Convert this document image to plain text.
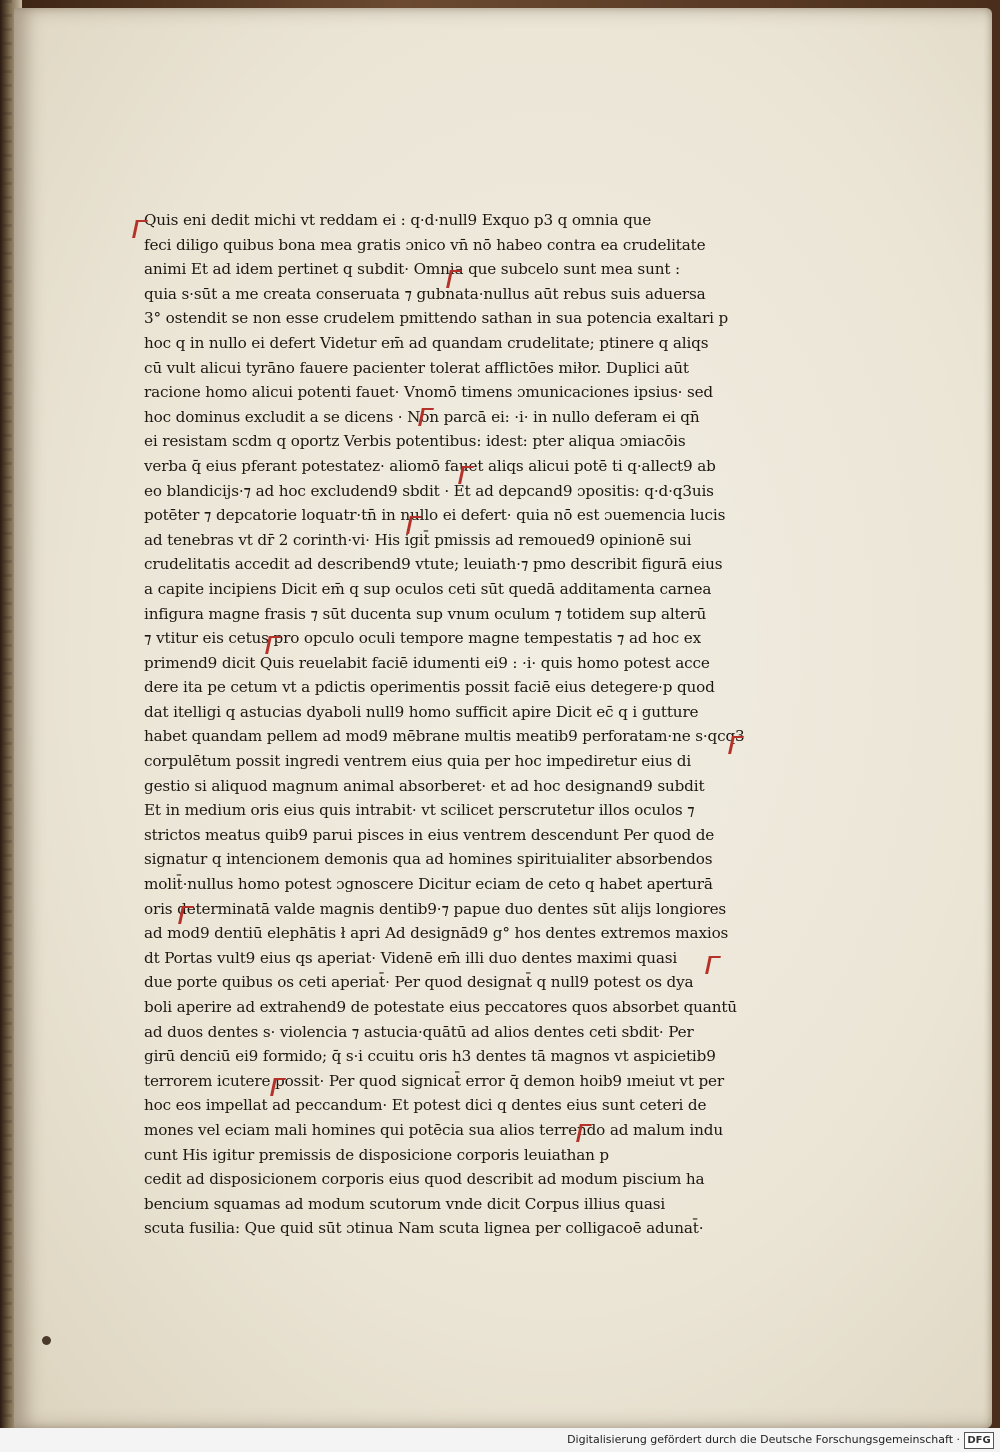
Quis eni dedit michi vt reddam ei : q·d·null9 Exquo p3 q omnia que
feci diligo quibus bona mea gratis ɔnico vn̄ nō habeo contra ea crudelitate
animi Et ad idem pertinet q subdit· Omnia que subcelo sunt mea sunt :
quia s·sūt a me creata conseruata ⁊ gubnata·nullus aūt rebus suis aduersa
3° ostendit se non esse crudelem pmittendo sathan in sua potencia exaltari p
hoc q in nullo ei defert Videtur em̄ ad quandam crudelitate; ptinere q aliqs
cū vult alicui tyrāno fauere pacienter tolerat afflictōes miłor. Duplici aūt
racione homo alicui potenti fauet· Vnomō timens ɔmunicaciones ipsius· sed
hoc dominus excludit a se dicens · Non parcā ei: ·i· in nullo deferam ei qn̄
ei resistam scdm q oportz Verbis potentibus: idest: pter aliqua ɔmiacōis
verba q̄ eius pferant potestatez· aliomō fauet aliqs alicui potē ti q·allect9 ab
eo blandicijs·⁊ ad hoc excludend9 sbdit · Et ad depcand9 ɔpositis: q·d·q3uis
potēter ⁊ depcatorie loquatr·tn̄ in nullo ei defert· quia nō est ɔuemencia lucis
ad tenebras vt dr̄ 2 corinth·vi· His igit̄ pmissis ad remoued9 opinionē sui
crudelitatis accedit ad describend9 vtute; leuiath·⁊ pmo describit figurā eius
a capite incipiens Dicit em̄ q sup oculos ceti sūt quedā additamenta carnea
infigura magne frasis ⁊ sūt ducenta sup vnum oculum ⁊ totidem sup alterū
⁊ vtitur eis cetus pro opculo oculi tempore magne tempestatis ⁊ ad hoc ex
primend9 dicit Quis reuelabit faciē idumenti ei9 : ·i· quis homo potest acce
dere ita pe cetum vt a pdictis operimentis possit faciē eius detegere·p quod
dat itelligi q astucias dyaboli null9 homo sufficit apire Dicit ec̄ q i gutture
habet quandam pellem ad mod9 mēbrane multis meatib9 perforatam·ne s·qcq3
corpulētum possit ingredi ventrem eius quia per hoc impediretur eius di
gestio si aliquod magnum animal absorberet· et ad hoc designand9 subdit
Et in medium oris eius quis intrabit· vt scilicet perscrutetur illos oculos ⁊
strictos meatus quib9 parui pisces in eius ventrem descendunt Per quod de
signatur q intencionem demonis qua ad homines spirituialiter absorbendos
molit̄·nullus homo potest ɔgnoscere Dicitur eciam de ceto q habet aperturā
oris determinatā valde magnis dentib9·⁊ papue duo dentes sūt alijs longiores
ad mod9 dentiū elephātis ł apri Ad designād9 g° hos dentes extremos maxios
dt Portas vult9 eius qs aperiat· Videnē em̄ illi duo dentes maximi quasi
due porte quibus os ceti aperiat̄· Per quod designat̄ q null9 potest os dya
boli aperire ad extrahend9 de potestate eius peccatores quos absorbet quantū
ad duos dentes s· violencia ⁊ astucia·quātū ad alios dentes ceti sbdit· Per
girū denciū ei9 formido; q̄ s·i ccuitu oris h3 dentes tā magnos vt aspicietib9
terrorem icutere possit· Per quod signicat̄ error q̄ demon hoib9 ımeiut vt per
hoc eos impellat ad peccandum· Et potest dici q dentes eius sunt ceteri de
mones vel eciam mali homines qui potēcia sua alios terrendo ad malum indu
cunt His igitur premissis de disposicione corporis leuiathan p
cedit ad disposicionem corporis eius quod describit ad modum piscium ha
bencium squamas ad modum scutorum vnde dicit Corpus illius quasi
scuta fusilia: Que quid sūt ɔtinua Nam scuta lignea per colligacoē adunat̄·
Digitalisierung gefördert durch die Deutsche Forschungsgemeinschaft · DFG
